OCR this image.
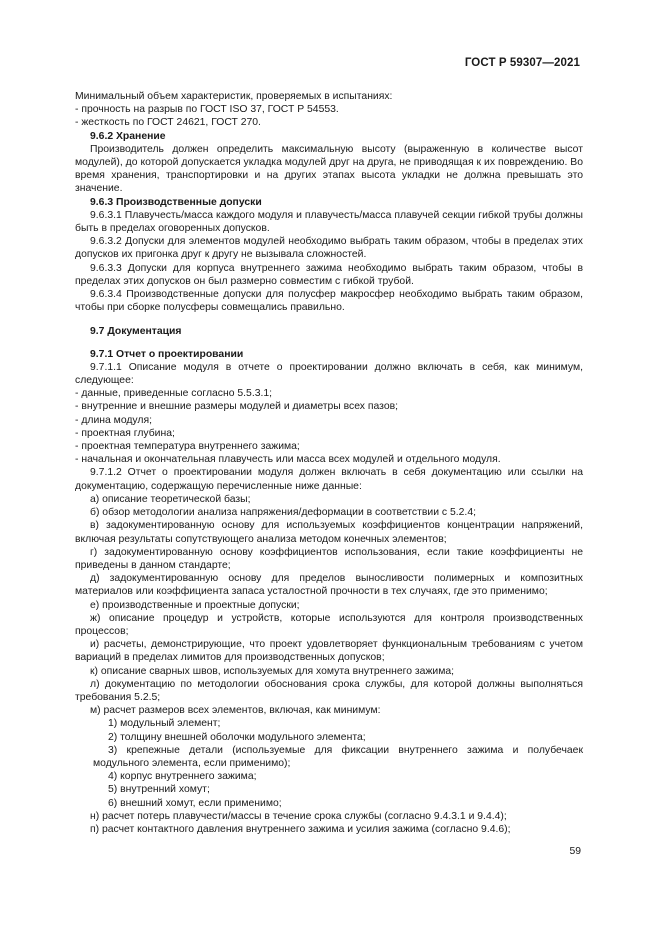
ГОСТ Р 59307—2021

Минимальный объем характеристик, проверяемых в испытаниях:

- прочность на разрыв по ГОСТ ISO 37, ГОСТ Р 54553.

- жесткость по ГОСТ 24621, ГОСТ 270.

9.6.2 Хранение

Производитель должен определить максимальную высоту (выраженную в количестве высот модулей), до которой допускается укладка модулей друг на друга, не приводящая к их повреждению. Во время хранения, транспортировки и на других этапах высота укладки не должна превышать это значение.

9.6.3 Производственные допуски

9.6.3.1 Плавучесть/масса каждого модуля и плавучесть/масса плавучей секции гибкой трубы должны быть в пределах оговоренных допусков.

9.6.3.2 Допуски для элементов модулей необходимо выбрать таким образом, чтобы в пределах этих допусков их пригонка друг к другу не вызывала сложностей.

9.6.3.3 Допуски для корпуса внутреннего зажима необходимо выбрать таким образом, чтобы в пределах этих допусков он был размерно совместим с гибкой трубой.

9.6.3.4 Производственные допуски для полусфер макросфер необходимо выбрать таким образом, чтобы при сборке полусферы совмещались правильно.

9.7 Документация

9.7.1 Отчет о проектировании

9.7.1.1 Описание модуля в отчете о проектировании должно включать в себя, как минимум, следующее:

- данные, приведенные согласно 5.5.3.1;

- внутренние и внешние размеры модулей и диаметры всех пазов;

- длина модуля;

- проектная глубина;

- проектная температура внутреннего зажима;

- начальная и окончательная плавучесть или масса всех модулей и отдельного модуля.

9.7.1.2 Отчет о проектировании модуля должен включать в себя документацию или ссылки на документацию, содержащую перечисленные ниже данные:

а) описание теоретической базы;

б) обзор методологии анализа напряжения/деформации в соответствии с 5.2.4;

в) задокументированную основу для используемых коэффициентов концентрации напряжений, включая результаты сопутствующего анализа методом конечных элементов;

г) задокументированную основу коэффициентов использования, если такие коэффициенты не приведены в данном стандарте;

д) задокументированную основу для пределов выносливости полимерных и композитных материалов или коэффициента запаса усталостной прочности в тех случаях, где это применимо;

е) производственные и проектные допуски;

ж) описание процедур и устройств, которые используются для контроля производственных процессов;

и) расчеты, демонстрирующие, что проект удовлетворяет функциональным требованиям с учетом вариаций в пределах лимитов для производственных допусков;

к) описание сварных швов, используемых для хомута внутреннего зажима;

л) документацию по методологии обоснования срока службы, для которой должны выполняться требования 5.2.5;

м) расчет размеров всех элементов, включая, как минимум:

1) модульный элемент;

2) толщину внешней оболочки модульного элемента;

3) крепежные детали (используемые для фиксации внутреннего зажима и полубечаек модульного элемента, если применимо);

4) корпус внутреннего зажима;

5) внутренний хомут;

6) внешний хомут, если применимо;

н) расчет потерь плавучести/массы в течение срока службы (согласно 9.4.3.1 и 9.4.4);

п) расчет контактного давления внутреннего зажима и усилия зажима (согласно 9.4.6);

59
